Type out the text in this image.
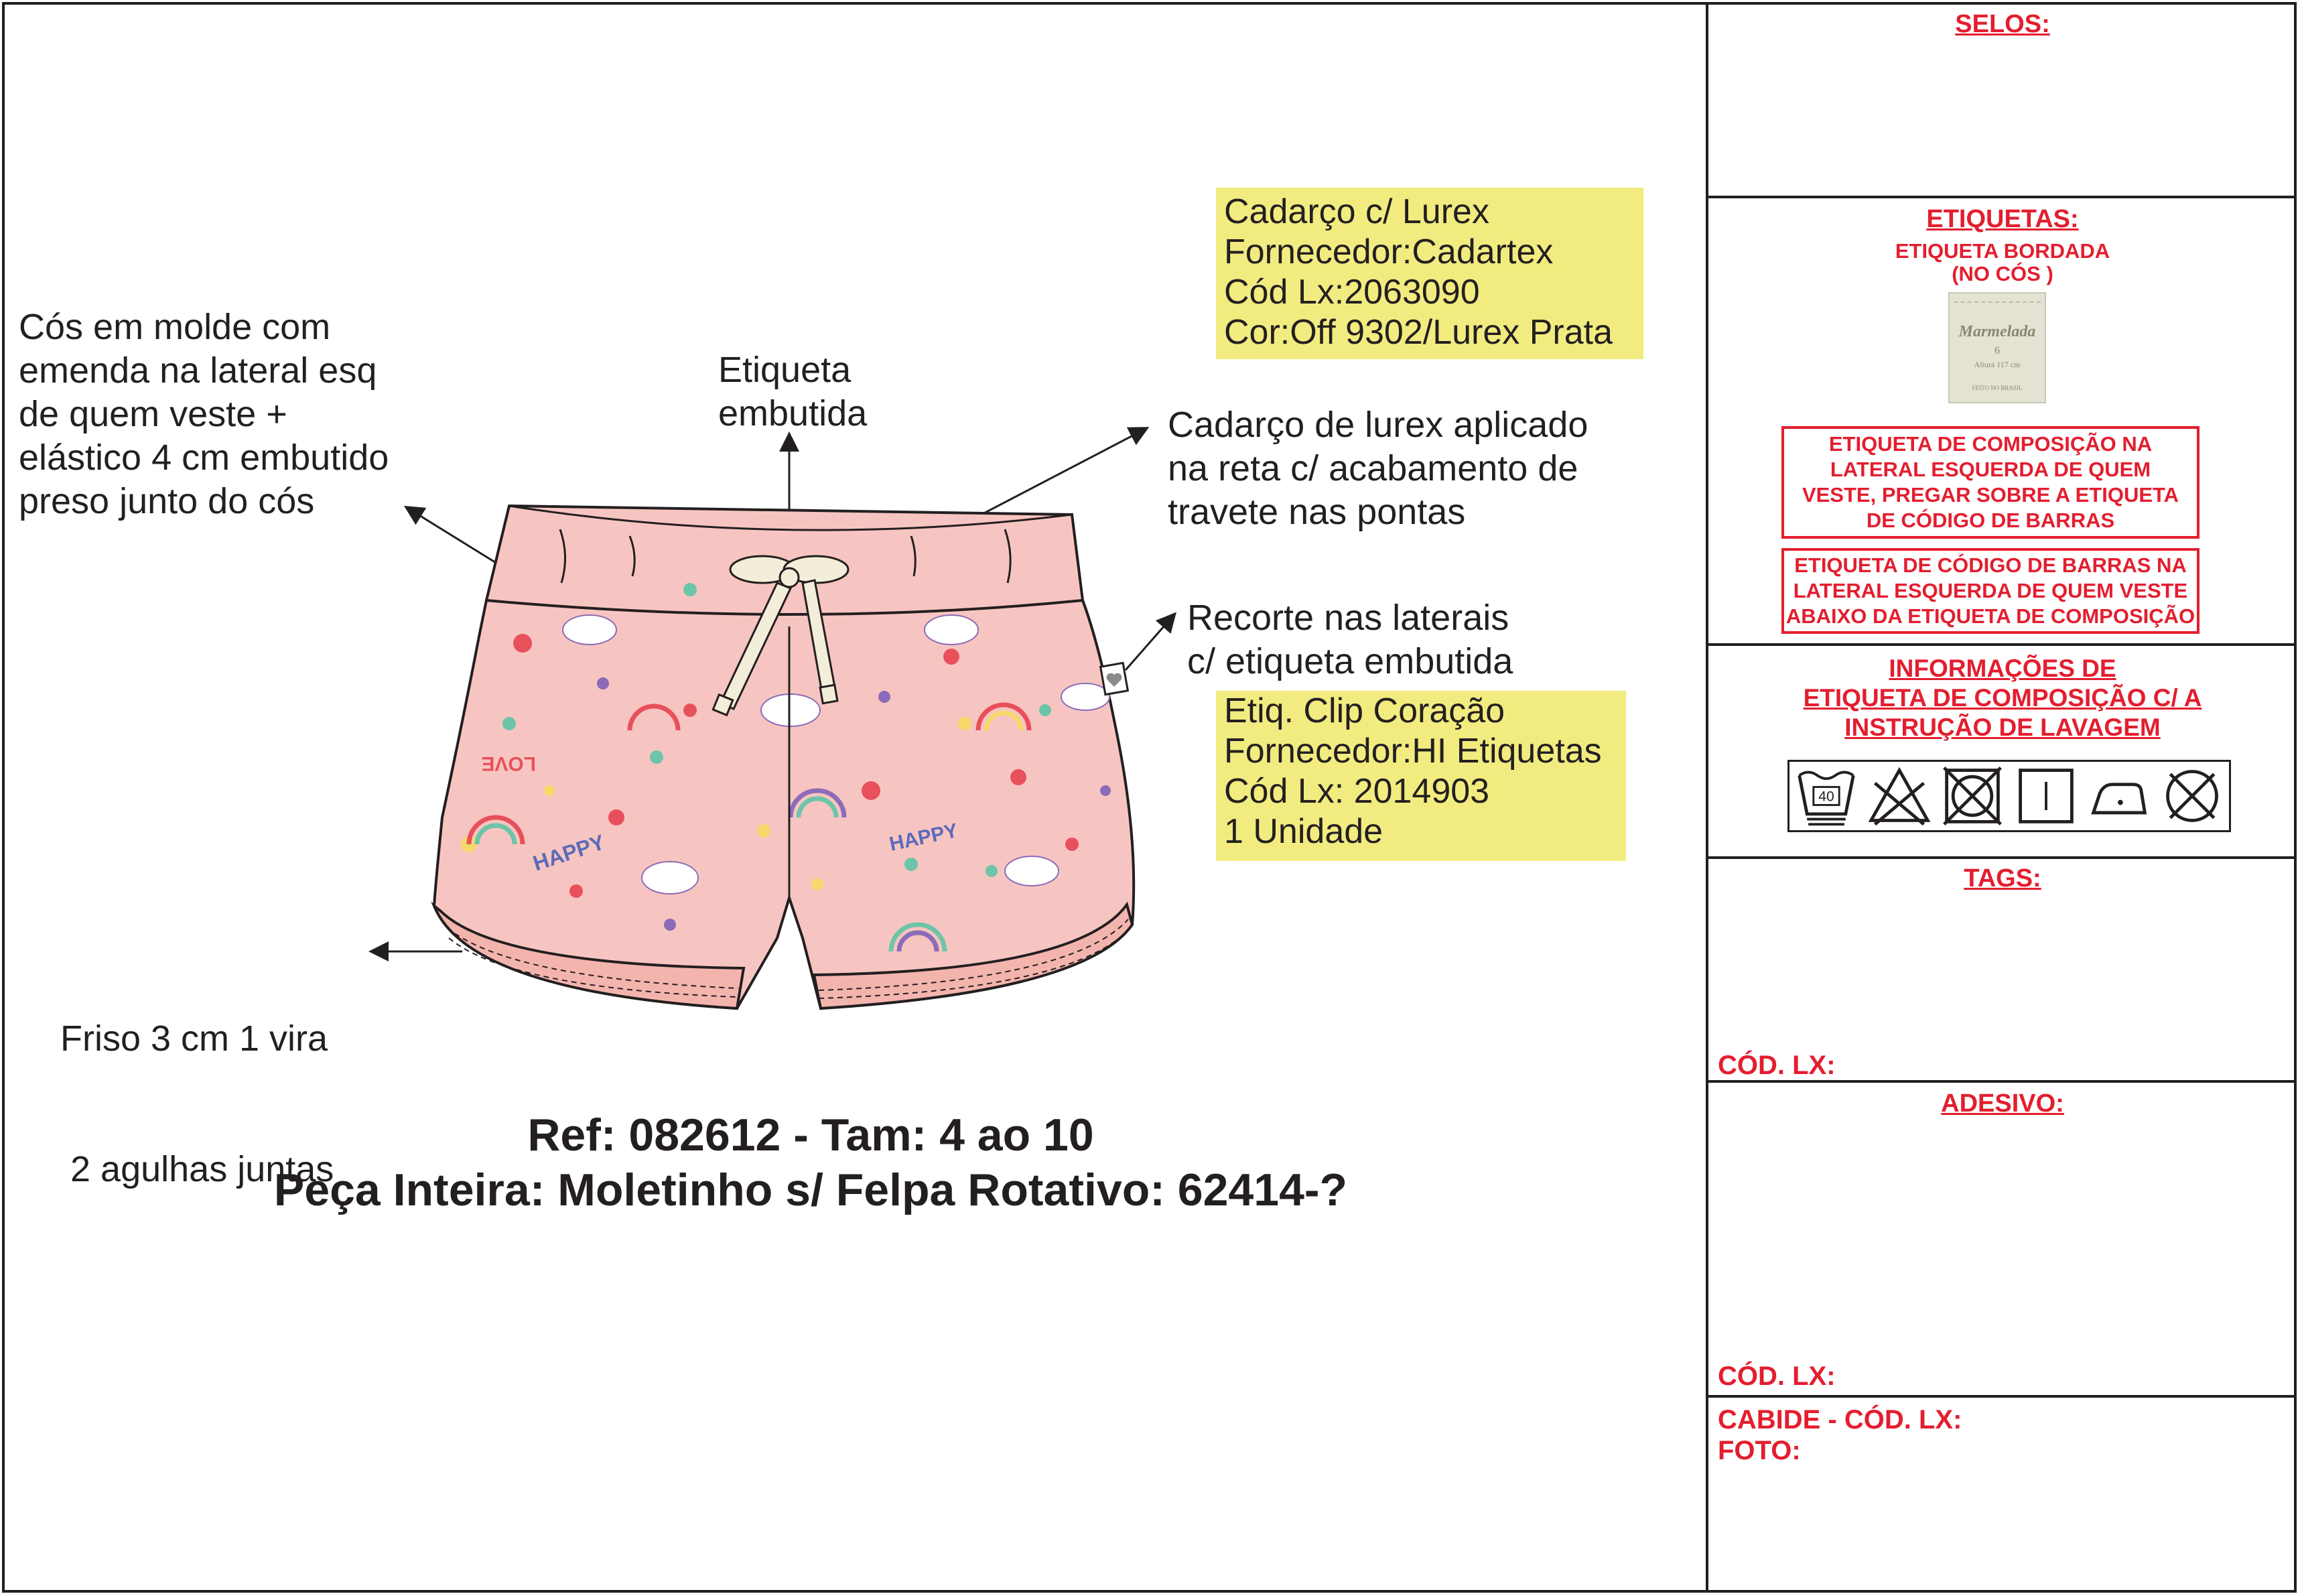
SELOS:
ETIQUETAS:
ETIQUETA BORDADA
(NO CÓS )
Marmelada
6
Altura 117 cm
FEITO NO BRASIL
ETIQUETA DE COMPOSIÇÃO NA
LATERAL ESQUERDA DE QUEM
VESTE, PREGAR SOBRE A ETIQUETA
DE CÓDIGO DE BARRAS
ETIQUETA DE CÓDIGO DE BARRAS NA
LATERAL ESQUERDA DE QUEM VESTE
ABAIXO DA ETIQUETA DE COMPOSIÇÃO
INFORMAÇÕES DE
ETIQUETA DE COMPOSIÇÃO C/ A
INSTRUÇÃO DE LAVAGEM
40
TAGS:
CÓD. LX:
ADESIVO:
CÓD. LX:
CABIDE - CÓD. LX:
FOTO:
Cadarço c/ Lurex
Fornecedor:Cadartex
Cód Lx:2063090
Cor:Off 9302/Lurex Prata
Etiq. Clip Coração
Fornecedor:HI Etiquetas
Cód Lx: 2014903
1 Unidade
Cós em molde com
emenda na lateral esq
de quem veste +
elástico 4 cm embutido
preso junto do cós
Etiqueta
embutida	Cadarço de lurex aplicado
na reta c/ acabamento de
travete nas pontas
Recorte nas laterais
c/ etiqueta embutida

Friso 3 cm 1 vira

2 agulhas juntas

Ref: 082612 - Tam: 4 ao 10
Peça Inteira: Moletinho s/ Felpa Rotativo: 62414-?
HAPPY	HAPPY
LOVE
